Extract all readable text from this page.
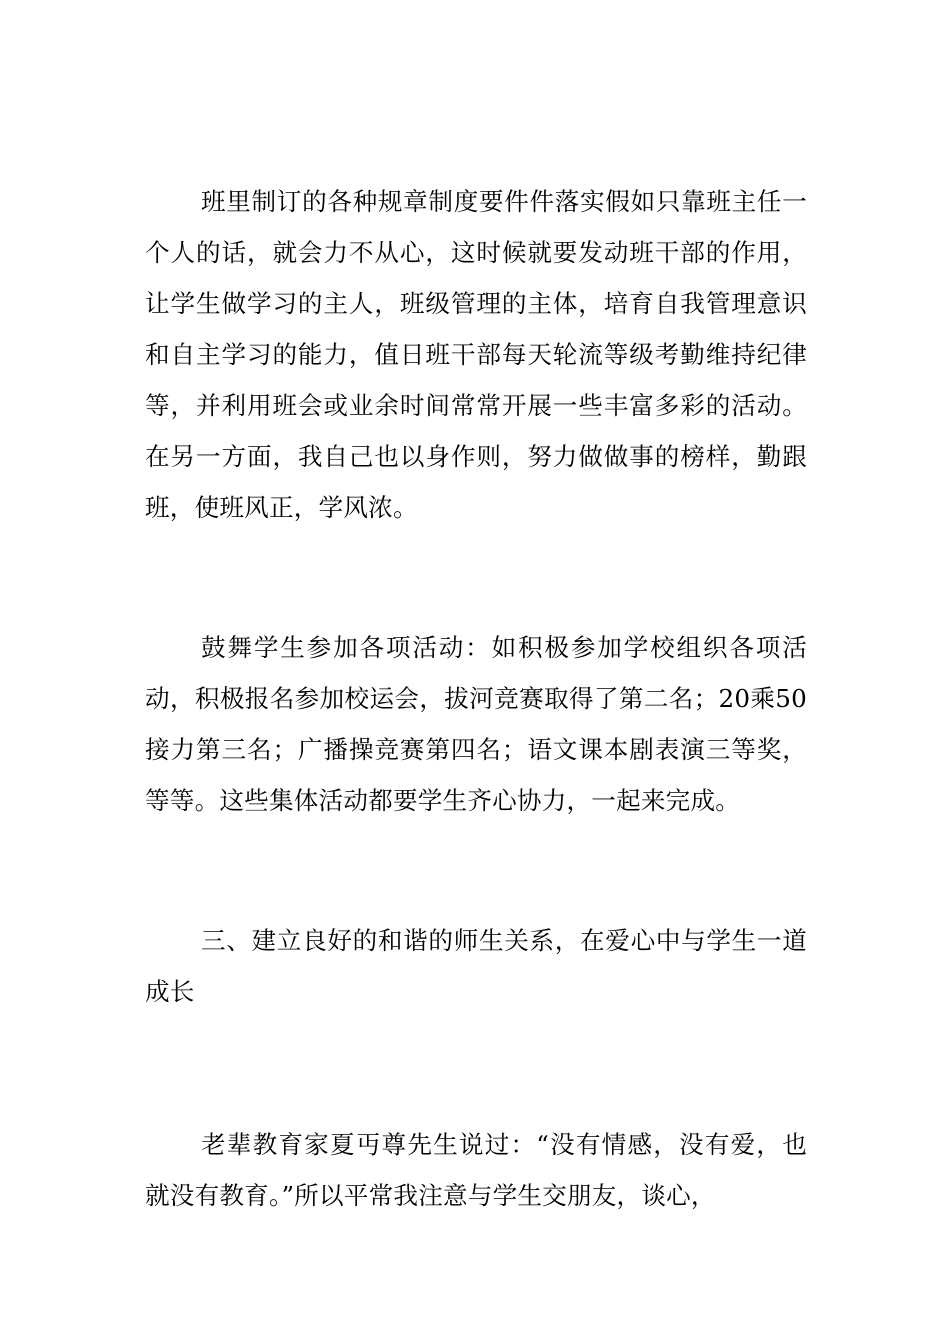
班里制订的各种规章制度要件件落实假如只靠班主任一个人的话，就会力不从心，这时候就要发动班干部的作用，让学生做学习的主人，班级管理的主体，培育自我管理意识和自主学习的能力，值日班干部每天轮流等级考勤维持纪律等，并利用班会或业余时间常常开展一些丰富多彩的活动。在另一方面，我自己也以身作则，努力做做事的榜样，勤跟班，使班风正，学风浓。

鼓舞学生参加各项活动：如积极参加学校组织各项活动，积极报名参加校运会，拔河竞赛取得了第二名；20乘50接力第三名；广播操竞赛第四名；语文课本剧表演三等奖，等等。这些集体活动都要学生齐心协力，一起来完成。

三、建立良好的和谐的师生关系，在爱心中与学生一道成长

老辈教育家夏丏尊先生说过：“没有情感，没有爱，也就没有教育。”所以平常我注意与学生交朋友，谈心，
